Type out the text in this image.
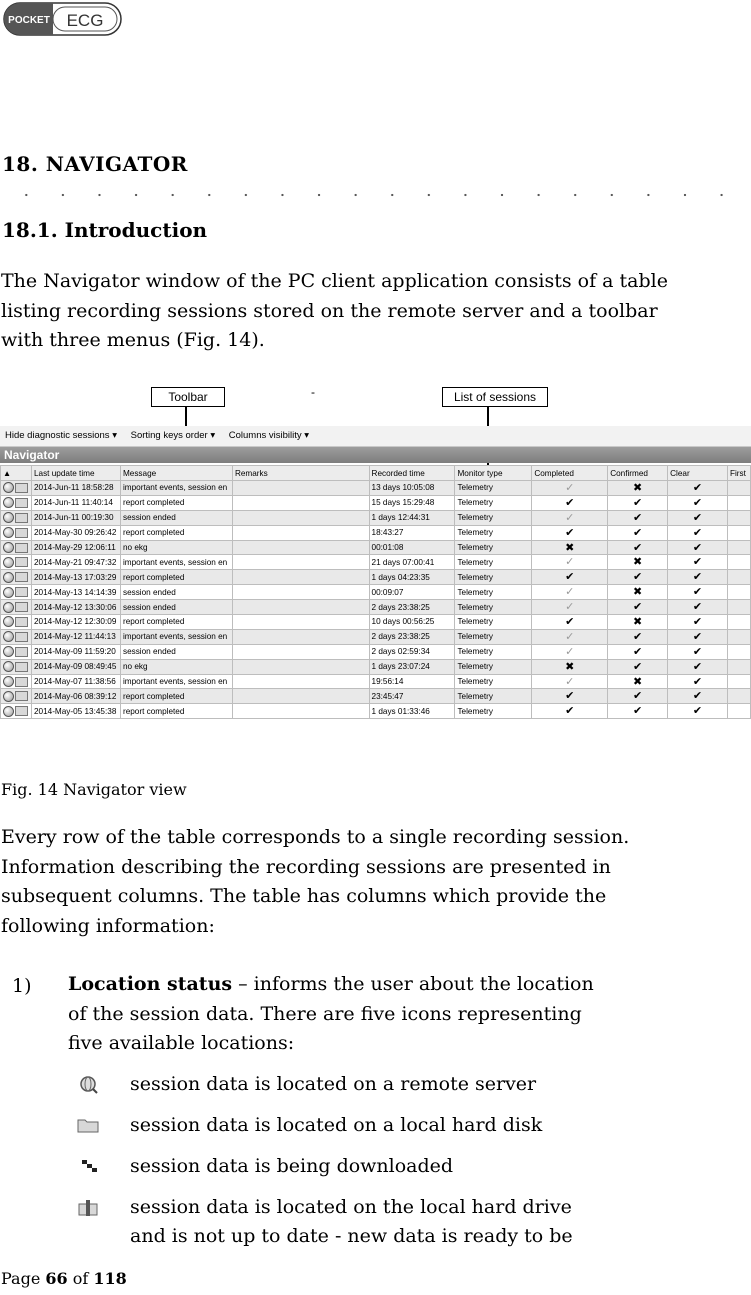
POCKET ECG
18. NAVIGATOR
18.1. Introduction
The Navigator window of the PC client application consists of a table
listing recording sessions stored on the remote server and a toolbar
with three menus (Fig. 14).
Toolbar	-	List of sessions
Hide diagnostic sessions ▾ Sorting keys order ▾ Columns visibility ▾
Navigator
▲	Last update time	Message	Remarks	Recorded time	Monitor type	Completed	Confirmed	Clear	First
	2014-Jun-11 18:58:28	important events, session en		13 days 10:05:08	Telemetry	✓	✖	✔	
	2014-Jun-11 11:40:14	report completed		15 days 15:29:48	Telemetry	✔	✔	✔	
	2014-Jun-11 00:19:30	session ended		1 days 12:44:31	Telemetry	✓	✔	✔	
	2014-May-30 09:26:42	report completed		18:43:27	Telemetry	✔	✔	✔	
	2014-May-29 12:06:11	no ekg		00:01:08	Telemetry	✖	✔	✔	
	2014-May-21 09:47:32	important events, session en		21 days 07:00:41	Telemetry	✓	✖	✔	
	2014-May-13 17:03:29	report completed		1 days 04:23:35	Telemetry	✔	✔	✔	
	2014-May-13 14:14:39	session ended		00:09:07	Telemetry	✓	✖	✔	
	2014-May-12 13:30:06	session ended		2 days 23:38:25	Telemetry	✓	✔	✔	
	2014-May-12 12:30:09	report completed		10 days 00:56:25	Telemetry	✔	✖	✔	
	2014-May-12 11:44:13	important events, session en		2 days 23:38:25	Telemetry	✓	✔	✔	
	2014-May-09 11:59:20	session ended		2 days 02:59:34	Telemetry	✓	✔	✔	
	2014-May-09 08:49:45	no ekg		1 days 23:07:24	Telemetry	✖	✔	✔	
	2014-May-07 11:38:56	important events, session en		19:56:14	Telemetry	✓	✖	✔	
	2014-May-06 08:39:12	report completed		23:45:47	Telemetry	✔	✔	✔	
	2014-May-05 13:45:38	report completed		1 days 01:33:46	Telemetry	✔	✔	✔	
Fig. 14 Navigator view
Every row of the table corresponds to a single recording session.
Information describing the recording sessions are presented in
subsequent columns. The table has columns which provide the
following information:
1) Location status – informs the user about the location
of the session data. There are five icons representing
five available locations:
session data is located on a remote server
session data is located on a local hard disk
session data is being downloaded
session data is located on the local hard drive
and is not up to date - new data is ready to be
Page 66 of 118
